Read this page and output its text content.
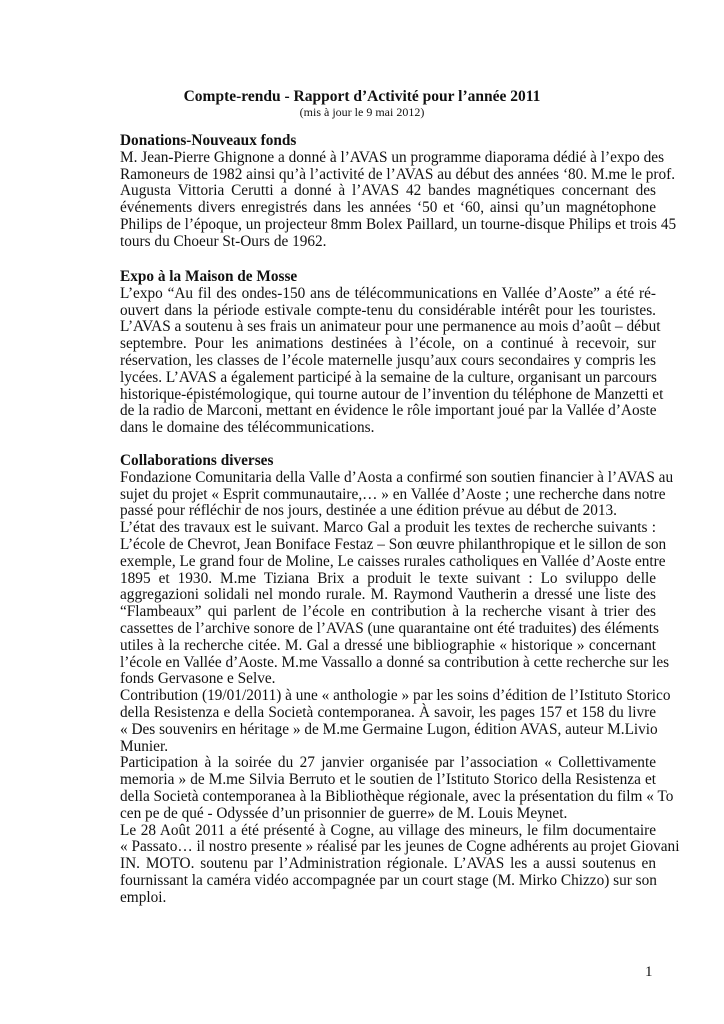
Compte-rendu - Rapport d’Activité pour l’année 2011
(mis à jour le 9 mai 2012)
Donations-Nouveaux fonds
M. Jean-Pierre Ghignone a donné à l’AVAS un programme diaporama dédié à l’expo des
Ramoneurs de 1982 ainsi qu’à l’activité de l’AVAS au début des années ‘80. M.me le prof.
Augusta Vittoria Cerutti a donné à l’AVAS 42 bandes magnétiques concernant des
événements divers enregistrés dans les années ‘50 et ‘60, ainsi qu’un magnétophone
Philips de l’époque, un projecteur 8mm Bolex Paillard, un tourne-disque Philips et trois 45
tours du Choeur St-Ours de 1962.
Expo à la Maison de Mosse
L’expo “Au fil des ondes-150 ans de télécommunications en Vallée d’Aoste” a été ré-
ouvert dans la période estivale compte-tenu du considérable intérêt pour les touristes.
L’AVAS a soutenu à ses frais un animateur pour une permanence au mois d’août – début
septembre. Pour les animations destinées à l’école, on a continué à recevoir, sur
réservation, les classes de l’école maternelle jusqu’aux cours secondaires y compris les
lycées. L’AVAS a également participé à la semaine de la culture, organisant un parcours
historique-épistémologique, qui tourne autour de l’invention du téléphone de Manzetti et
de la radio de Marconi, mettant en évidence le rôle important joué par la Vallée d’Aoste
dans le domaine des télécommunications.
Collaborations diverses
Fondazione Comunitaria della Valle d’Aosta a confirmé son soutien financier à l’AVAS au
sujet du projet « Esprit communautaire,… » en Vallée d’Aoste ; une recherche dans notre
passé pour réfléchir de nos jours, destinée a une édition prévue au début de 2013.
L’état des travaux est le suivant. Marco Gal a produit les textes de recherche suivants :
L’école de Chevrot, Jean Boniface Festaz – Son œuvre philanthropique et le sillon de son
exemple, Le grand four de Moline, Le caisses rurales catholiques en Vallée d’Aoste entre
1895 et 1930. M.me Tiziana Brix a produit le texte suivant : Lo sviluppo delle
aggregazioni solidali nel mondo rurale. M. Raymond Vautherin a dressé une liste des
“Flambeaux” qui parlent de l’école en contribution à la recherche visant à trier des
cassettes de l’archive sonore de l’AVAS (une quarantaine ont été traduites) des éléments
utiles à la recherche citée. M. Gal a dressé une bibliographie « historique » concernant
l’école en Vallée d’Aoste. M.me Vassallo a donné sa contribution à cette recherche sur les
fonds Gervasone e Selve.
Contribution (19/01/2011) à une « anthologie » par les soins d’édition de l’Istituto Storico
della Resistenza e della Società contemporanea. À savoir, les pages 157 et 158 du livre
« Des souvenirs en héritage » de M.me Germaine Lugon, édition AVAS, auteur M.Livio
Munier.
Participation à la soirée du 27 janvier organisée par l’association « Collettivamente
memoria » de M.me Silvia Berruto et le soutien de l’Istituto Storico della Resistenza et
della Società contemporanea à la Bibliothèque régionale, avec la présentation du film « To
cen pe de qué - Odyssée d’un prisonnier de guerre» de M. Louis Meynet.
Le 28 Août 2011 a été présenté à Cogne, au village des mineurs, le film documentaire
« Passato… il nostro presente » réalisé par les jeunes de Cogne adhérents au projet Giovani
IN. MOTO. soutenu par l’Administration régionale. L’AVAS les a aussi soutenus en
fournissant la caméra vidéo accompagnée par un court stage (M. Mirko Chizzo) sur son
emploi.
1
